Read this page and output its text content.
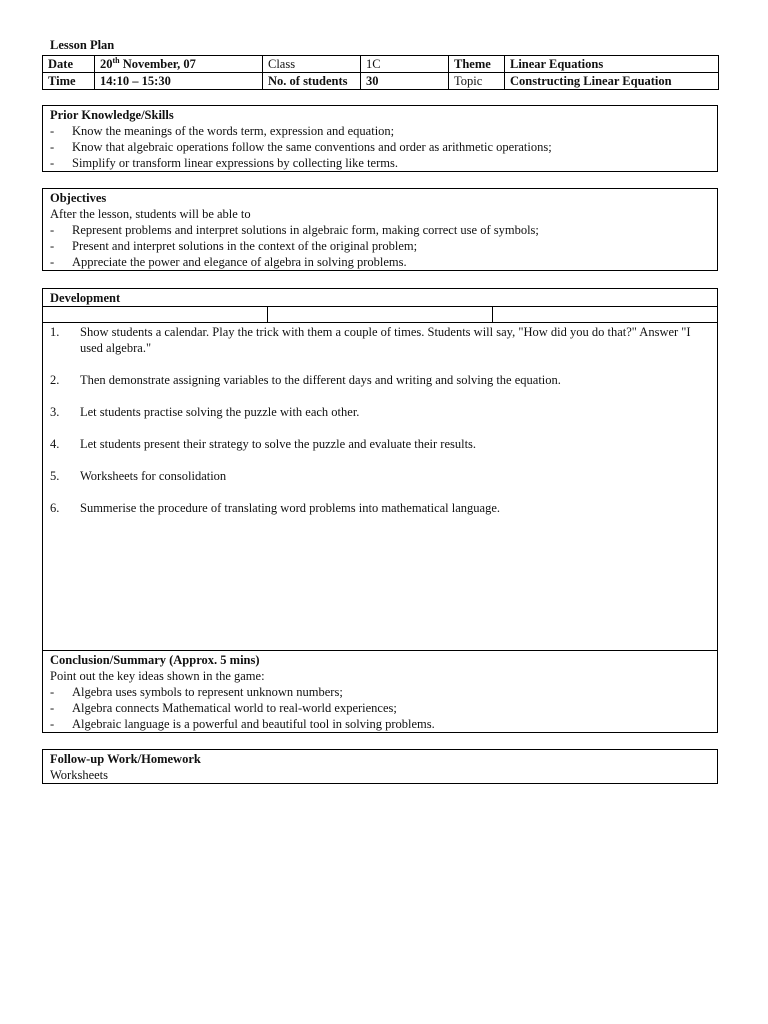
Lesson Plan
Date	20th November, 07	Class	1C	Theme	Linear Equations
Time	14:10 – 15:30	No. of students	30	Topic	Constructing Linear Equation
Prior Knowledge/Skills
-	Know the meanings of the words term, expression and equation;
-	Know that algebraic operations follow the same conventions and order as arithmetic operations;
-	Simplify or transform linear expressions by collecting like terms.
Objectives
After the lesson, students will be able to
-	Represent problems and interpret solutions in algebraic form, making correct use of symbols;
-	Present and interpret solutions in the context of the original problem;
-	Appreciate the power and elegance of algebra in solving problems.
Development
1.	Show students a calendar. Play the trick with them a couple of times. Students will say, "How did you do that?" Answer "I used algebra."
2.	Then demonstrate assigning variables to the different days and writing and solving the equation.
3.	Let students practise solving the puzzle with each other.
4.	Let students present their strategy to solve the puzzle and evaluate their results.
5.	Worksheets for consolidation
6.	Summerise the procedure of translating word problems into mathematical language.
Conclusion/Summary (Approx. 5 mins)
Point out the key ideas shown in the game:
-	Algebra uses symbols to represent unknown numbers;
-	Algebra connects Mathematical world to real-world experiences;
-	Algebraic language is a powerful and beautiful tool in solving problems.
Follow-up Work/Homework
Worksheets
